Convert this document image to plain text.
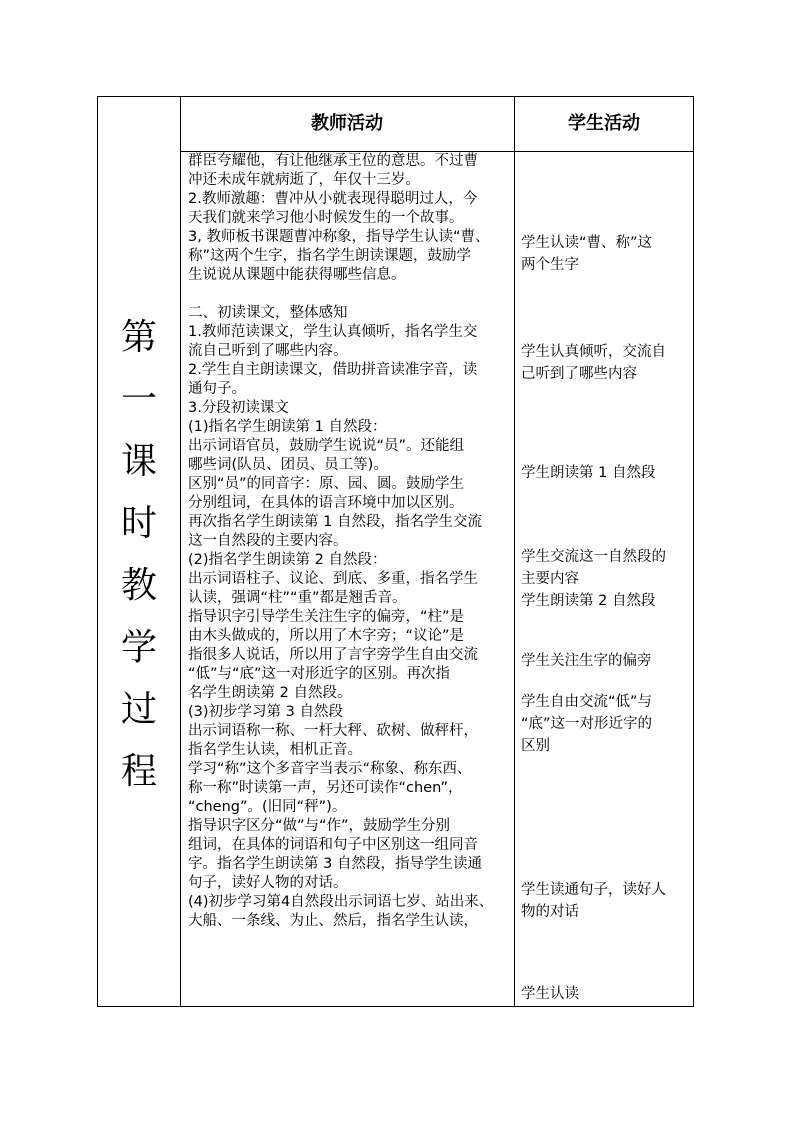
第
一
课
时
教
学
过
程
教师活动	学生活动

群臣夸耀他，有让他继承王位的意思。不过曹

冲还未成年就病逝了，年仅十三岁。

2.教师激趣：曹冲从小就表现得聪明过人，今

天我们就来学习他小时候发生的一个故事。

3, 教师板书课题曹冲称象，指导学生认读“曹、

称”这两个生字，指名学生朗读课题，鼓励学

生说说从课题中能获得哪些信息。

二、初读课文，整体感知

1.教师范读课文，学生认真倾听，指名学生交

流自己听到了哪些内容。

2.学生自主朗读课文，借助拼音读准字音，读

通句子。

3.分段初读课文

(1)指名学生朗读第 1 自然段：

出示词语官员，鼓励学生说说“员”。还能组

哪些词(队员、团员、员工等)。

区别“员”的同音字：原、园、圆。鼓励学生

分别组词，在具体的语言环境中加以区别。

再次指名学生朗读第 1 自然段，指名学生交流

这一自然段的主要内容。

(2)指名学生朗读第 2 自然段：

出示词语柱子、议论、到底、多重，指名学生

认读，强调“柱”“重”都是翘舌音。

指导识字引导学生关注生字的偏旁，“柱”是

由木头做成的，所以用了木字旁；“议论”是

指很多人说话，所以用了言字旁学生自由交流

“低”与“底”这一对形近字的区别。再次指

名学生朗读第 2 自然段。

(3)初步学习第 3 自然段

出示词语称一称、一杆大秤、砍树、做秤杆，

指名学生认读，相机正音。

学习“称”这个多音字当表示“称象、称东西、

称一称”时读第一声，另还可读作“chen”，

“cheng”。(旧同“秤”)。

指导识字区分“做”与“作”，鼓励学生分别

组词，在具体的词语和句子中区别这一组同音

字。指名学生朗读第 3 自然段，指导学生读通

句子，读好人物的对话。

(4)初步学习第4自然段出示词语七岁、站出来、

大船、一条线、为止、然后，指名学生认读，

学生认读“曹、称”这

两个生字

学生认真倾听，交流自

己听到了哪些内容

学生朗读第 1 自然段

学生交流这一自然段的

主要内容

学生朗读第 2 自然段

学生关注生字的偏旁

学生自由交流“低”与

“底”这一对形近字的

区别

学生读通句子，读好人

物的对话

学生认读
